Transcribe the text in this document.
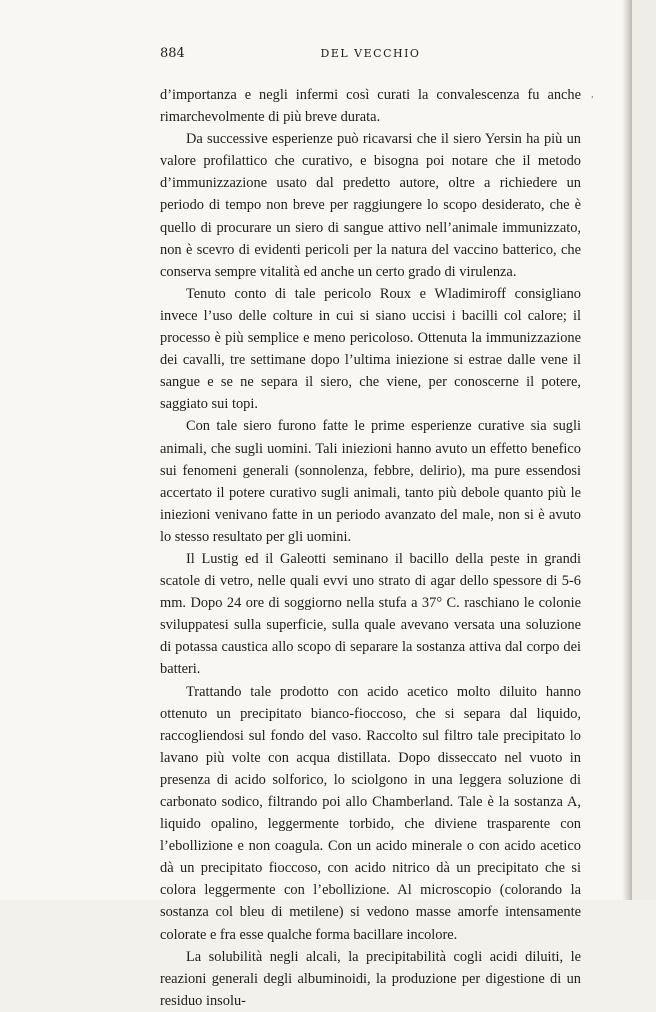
884	DEL VECCHIO

d’importanza e negli infermi così curati la convalescenza fu anche rimarchevolmente di più breve durata.

Da successive esperienze può ricavarsi che il siero Yersin ha più un valore profilattico che curativo, e bisogna poi notare che il metodo d’immunizzazione usato dal predetto autore, oltre a richiedere un periodo di tempo non breve per raggiungere lo scopo desiderato, che è quello di procurare un siero di sangue attivo nell’animale immunizzato, non è scevro di evidenti pericoli per la natura del vaccino batterico, che conserva sempre vitalità ed anche un certo grado di virulenza.

Tenuto conto di tale pericolo Roux e Wladimiroff consigliano invece l’uso delle colture in cui si siano uccisi i bacilli col calore; il processo è più semplice e meno pericoloso. Ottenuta la immunizzazione dei cavalli, tre settimane dopo l’ultima iniezione si estrae dalle vene il sangue e se ne separa il siero, che viene, per conoscerne il potere, saggiato sui topi.

Con tale siero furono fatte le prime esperienze curative sia sugli animali, che sugli uomini. Tali iniezioni hanno avuto un effetto benefico sui fenomeni generali (sonnolenza, febbre, delirio), ma pure essendosi accertato il potere curativo sugli animali, tanto più debole quanto più le iniezioni venivano fatte in un periodo avanzato del male, non si è avuto lo stesso resultato per gli uomini.

Il Lustig ed il Galeotti seminano il bacillo della peste in grandi scatole di vetro, nelle quali evvi uno strato di agar dello spessore di 5-6 mm. Dopo 24 ore di soggiorno nella stufa a 37° C. raschiano le colonie sviluppatesi sulla superficie, sulla quale avevano versata una soluzione di potassa caustica allo scopo di separare la sostanza attiva dal corpo dei batteri.

Trattando tale prodotto con acido acetico molto diluito hanno ottenuto un precipitato bianco-fioccoso, che si separa dal liquido, raccogliendosi sul fondo del vaso. Raccolto sul filtro tale precipitato lo lavano più volte con acqua distillata. Dopo disseccato nel vuoto in presenza di acido solforico, lo sciolgono in una leggera soluzione di carbonato sodico, filtrando poi allo Chamberland. Tale è la sostanza A, liquido opalino, leggermente torbido, che diviene trasparente con l’ebollizione e non coagula. Con un acido minerale o con acido acetico dà un precipitato fioccoso, con acido nitrico dà un precipitato che si colora leggermente con l’ebollizione. Al microscopio (colorando la sostanza col bleu di metilene) si vedono masse amorfe intensamente colorate e fra esse qualche forma bacillare incolore.

La solubilità negli alcali, la precipitabilità cogli acidi diluiti, le reazioni generali degli albuminoidi, la produzione per digestione di un residuo insolu-

,
